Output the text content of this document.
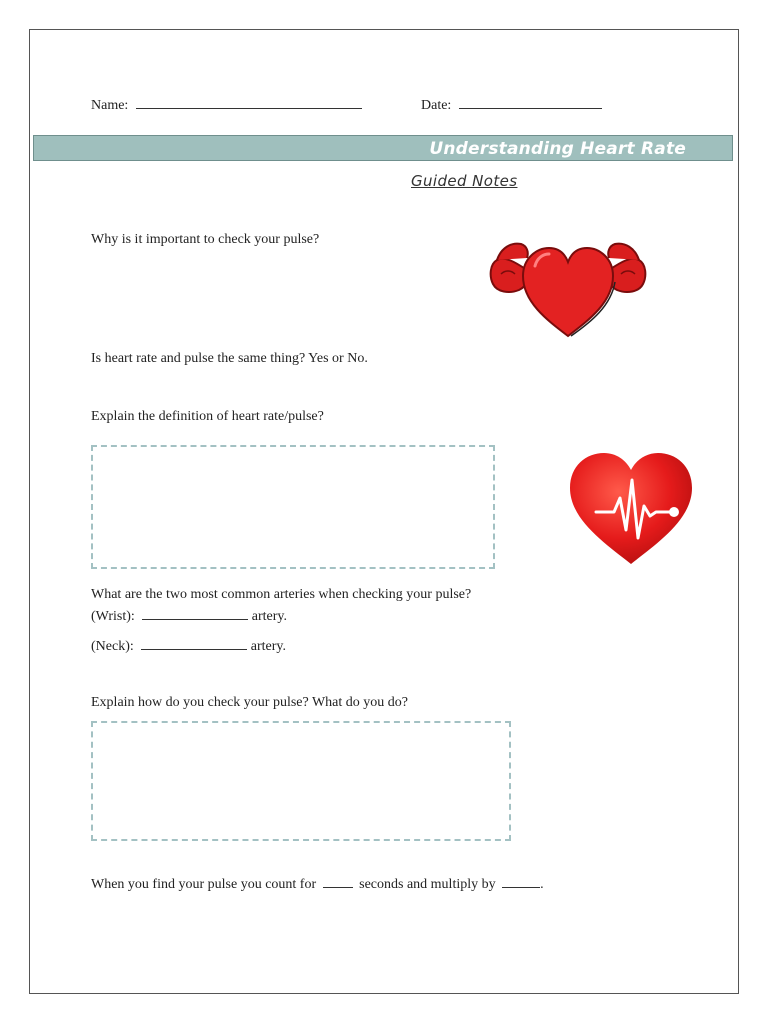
Name:	Date:
Understanding Heart Rate
Guided Notes
Why is it important to check your pulse?
Is heart rate and pulse the same thing? Yes or No.
Explain the definition of heart rate/pulse?
What are the two most common arteries when checking your pulse?
(Wrist):	artery.
(Neck):	artery.
Explain how do you check your pulse? What do you do?
When you find your pulse you count for	seconds and multiply by	.
